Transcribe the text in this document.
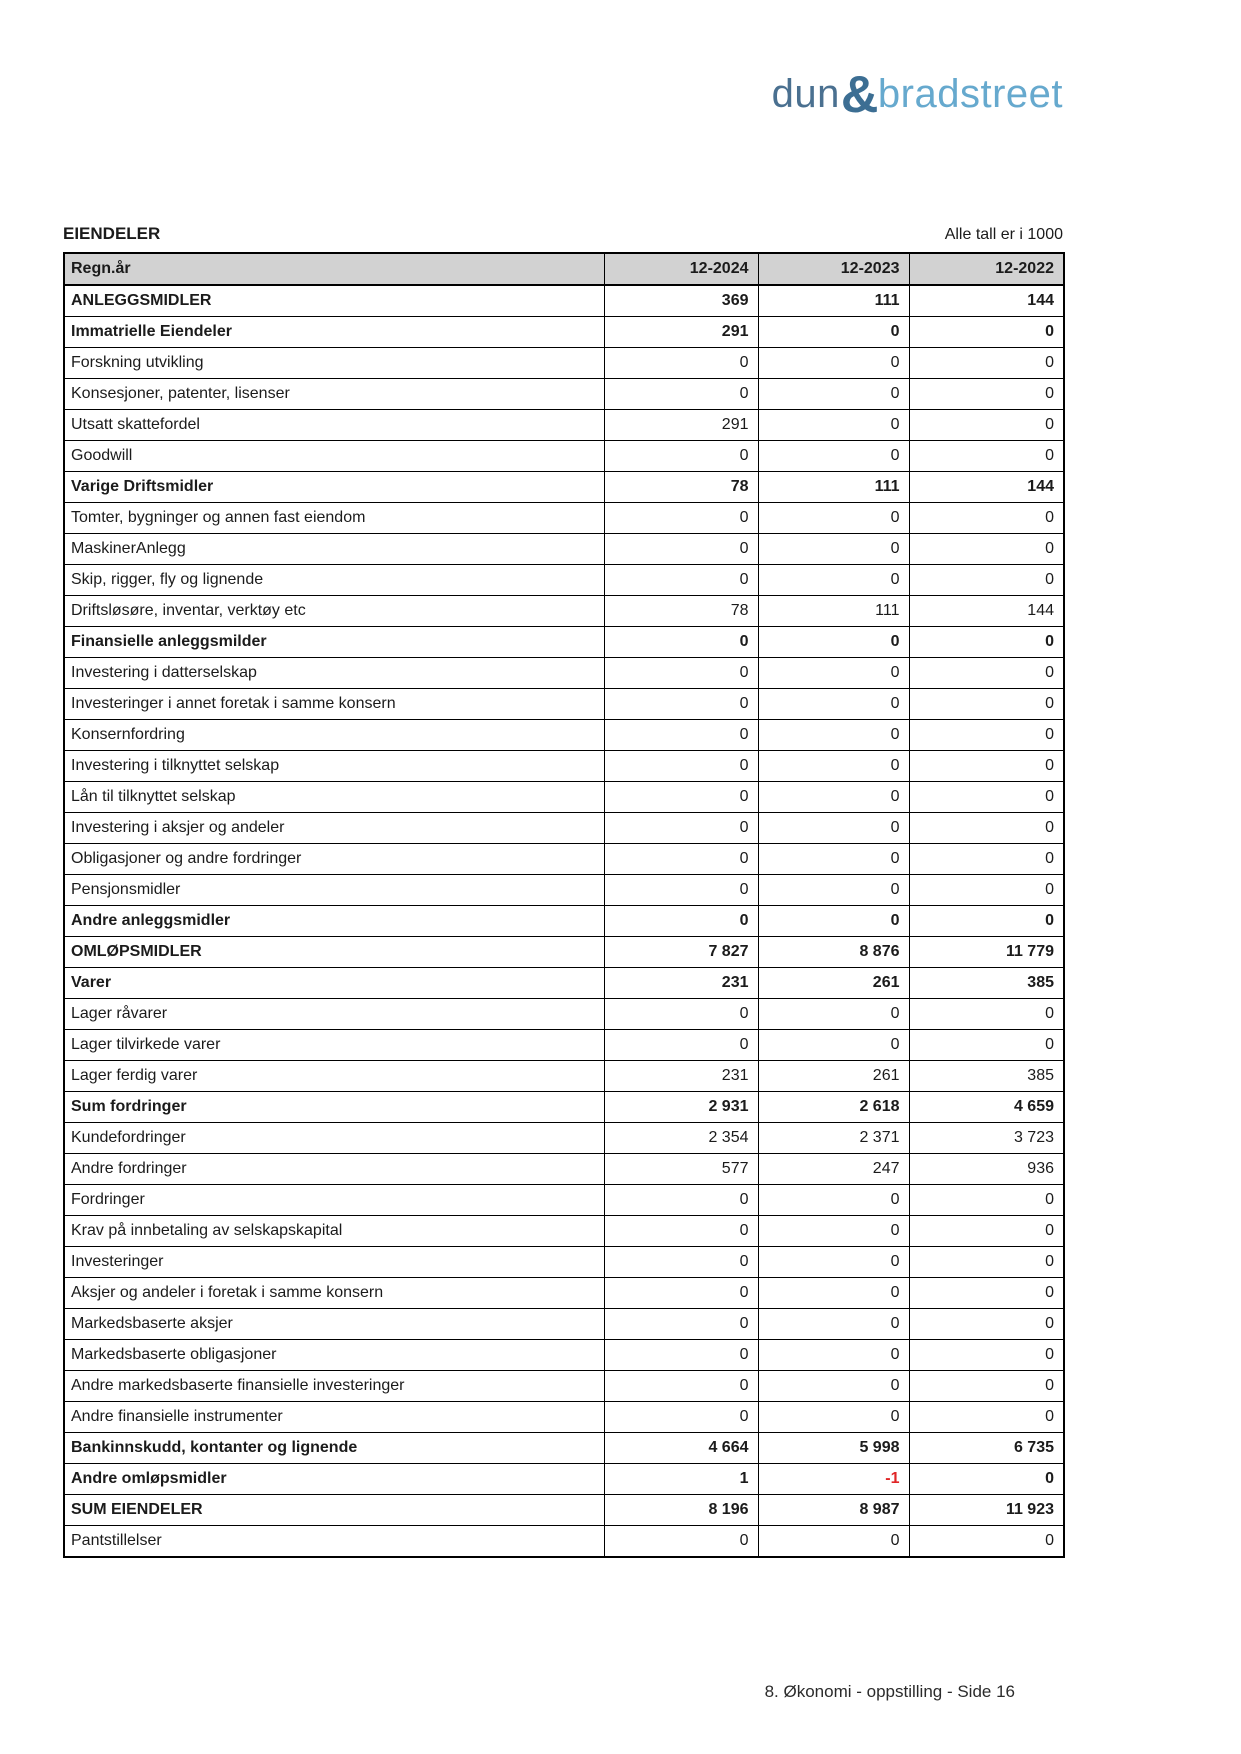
dun&bradstreet
EIENDELER	Alle tall er i 1000
Regn.år	12-2024	12-2023	12-2022
ANLEGGSMIDLER	369	111	144
Immatrielle Eiendeler	291	0	0
Forskning utvikling	0	0	0
Konsesjoner, patenter, lisenser	0	0	0
Utsatt skattefordel	291	0	0
Goodwill	0	0	0
Varige Driftsmidler	78	111	144
Tomter, bygninger og annen fast eiendom	0	0	0
MaskinerAnlegg	0	0	0
Skip, rigger, fly og lignende	0	0	0
Driftsløsøre, inventar, verktøy etc	78	111	144
Finansielle anleggsmilder	0	0	0
Investering i datterselskap	0	0	0
Investeringer i annet foretak i samme konsern	0	0	0
Konsernfordring	0	0	0
Investering i tilknyttet selskap	0	0	0
Lån til tilknyttet selskap	0	0	0
Investering i aksjer og andeler	0	0	0
Obligasjoner og andre fordringer	0	0	0
Pensjonsmidler	0	0	0
Andre anleggsmidler	0	0	0
OMLØPSMIDLER	7 827	8 876	11 779
Varer	231	261	385
Lager råvarer	0	0	0
Lager tilvirkede varer	0	0	0
Lager ferdig varer	231	261	385
Sum fordringer	2 931	2 618	4 659
Kundefordringer	2 354	2 371	3 723
Andre fordringer	577	247	936
Fordringer	0	0	0
Krav på innbetaling av selskapskapital	0	0	0
Investeringer	0	0	0
Aksjer og andeler i foretak i samme konsern	0	0	0
Markedsbaserte aksjer	0	0	0
Markedsbaserte obligasjoner	0	0	0
Andre markedsbaserte finansielle investeringer	0	0	0
Andre finansielle instrumenter	0	0	0
Bankinnskudd, kontanter og lignende	4 664	5 998	6 735
Andre omløpsmidler	1	-1	0
SUM EIENDELER	8 196	8 987	11 923
Pantstillelser	0	0	0
8. Økonomi - oppstilling - Side 16
